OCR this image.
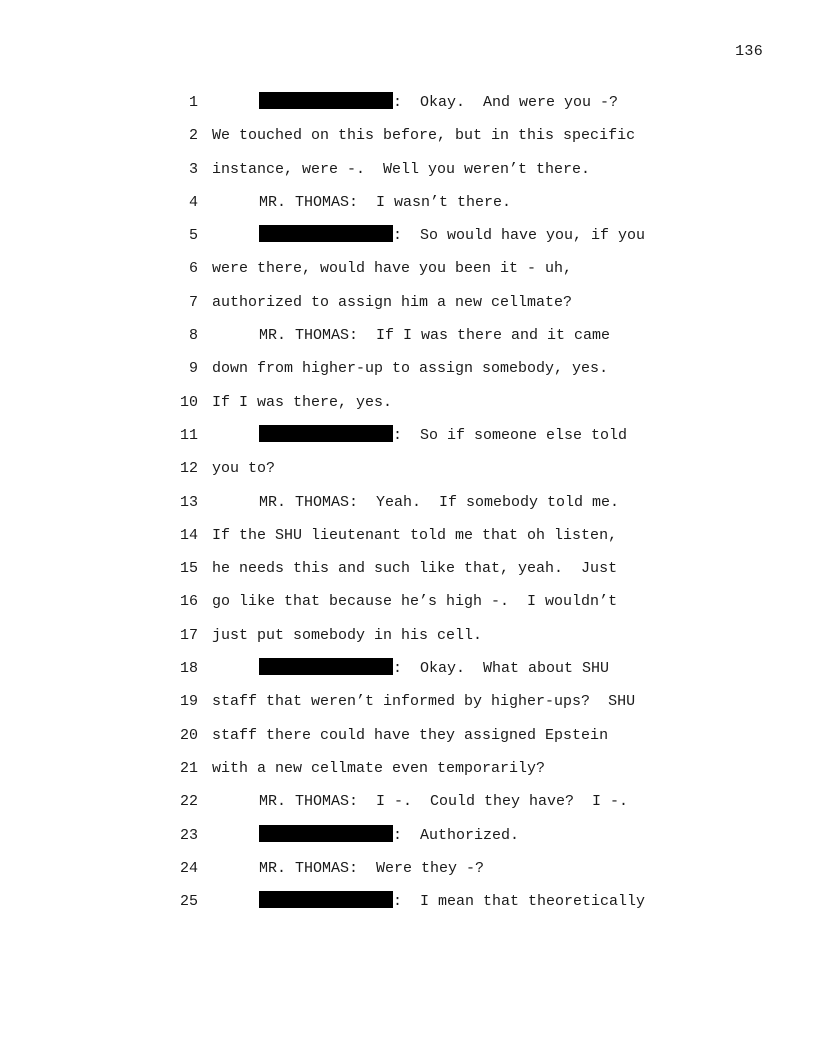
136
1	:  Okay.  And were you -?
2 We touched on this before, but in this specific
3 instance, were -.  Well you weren’t there.
4	MR. THOMAS:  I wasn’t there.
5	:  So would have you, if you
6 were there, would have you been it - uh,
7 authorized to assign him a new cellmate?
8	MR. THOMAS:  If I was there and it came
9 down from higher-up to assign somebody, yes.
10 If I was there, yes.
11	:  So if someone else told
12 you to?
13	MR. THOMAS:  Yeah.  If somebody told me.
14 If the SHU lieutenant told me that oh listen,
15 he needs this and such like that, yeah.  Just
16 go like that because he’s high -.  I wouldn’t
17 just put somebody in his cell.
18	:  Okay.  What about SHU
19 staff that weren’t informed by higher-ups?  SHU
20 staff there could have they assigned Epstein
21 with a new cellmate even temporarily?
22	MR. THOMAS:  I -.  Could they have?  I -.
23	:  Authorized.
24	MR. THOMAS:  Were they -?
25	:  I mean that theoretically
